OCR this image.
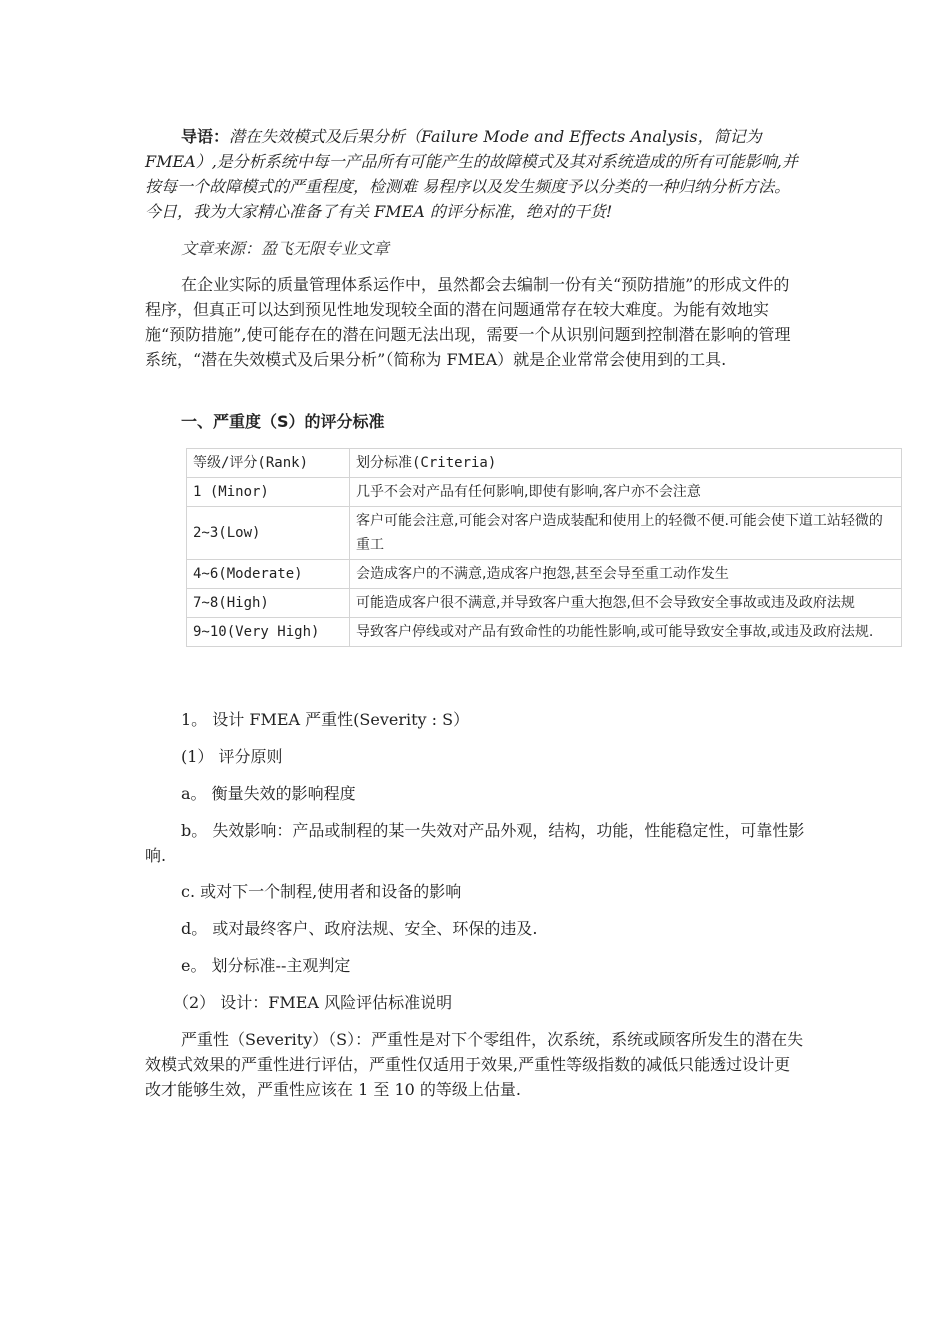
导语：潜在失效模式及后果分析（Failure Mode and Effects Analysis，简记为FMEA）,是分析系统中每一产品所有可能产生的故障模式及其对系统造成的所有可能影响,并按每一个故障模式的严重程度，检测难 易程序以及发生频度予以分类的一种归纳分析方法。今日，我为大家精心准备了有关 FMEA 的评分标准，绝对的干货!

文章来源：盈飞无限专业文章

在企业实际的质量管理体系运作中，虽然都会去编制一份有关“预防措施”的形成文件的程序，但真正可以达到预见性地发现较全面的潜在问题通常存在较大难度。为能有效地实施“预防措施”,使可能存在的潜在问题无法出现，需要一个从识别问题到控制潜在影响的管理系统，“潜在失效模式及后果分析”（简称为 FMEA）就是企业常常会使用到的工具.

一、严重度（S）的评分标准

等级/评分(Rank)	划分标准(Criteria)
1 (Minor)	几乎不会对产品有任何影响,即使有影响,客户亦不会注意
2~3(Low)	客户可能会注意,可能会对客户造成装配和使用上的轻微不便.可能会使下道工站轻微的重工
4~6(Moderate)	会造成客户的不满意,造成客户抱怨,甚至会导至重工动作发生
7~8(High)	可能造成客户很不满意,并导致客户重大抱怨,但不会导致安全事故或违及政府法规
9~10(Very High)	导致客户停线或对产品有致命性的功能性影响,或可能导致安全事故,或违及政府法规.

1。 设计 FMEA 严重性(Severity : S）

(1） 评分原则

a。 衡量失效的影响程度

b。 失效影响：产品或制程的某一失效对产品外观，结构，功能，性能稳定性，可靠性影响.

c. 或对下一个制程,使用者和设备的影响

d。 或对最终客户、政府法规、安全、环保的违及.

e。 划分标准--主观判定

（2） 设计：FMEA 风险评估标准说明

严重性（Severity）（S）：严重性是对下个零组件，次系统，系统或顾客所发生的潜在失效模式效果的严重性进行评估，严重性仅适用于效果,严重性等级指数的减低只能透过设计更改才能够生效，严重性应该在 1 至 10 的等级上估量.
